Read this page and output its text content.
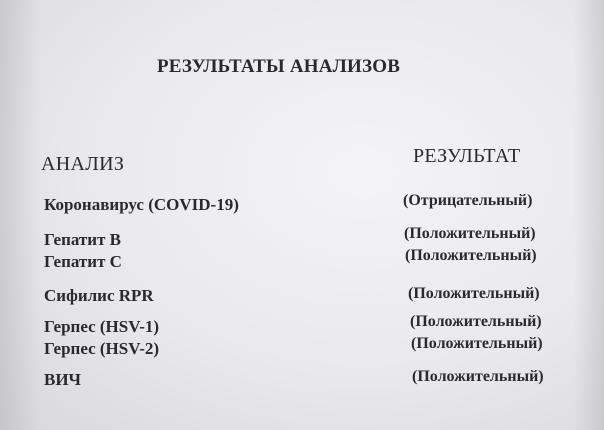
РЕЗУЛЬТАТЫ АНАЛИЗОВ
АНАЛИЗ	РЕЗУЛЬТАТ
Коронавирус (COVID-19)	(Отрицательный)
Гепатит B	(Положительный)
Гепатит C	(Положительный)
Сифилис RPR	(Положительный)
Герпес (HSV-1)	(Положительный)
Герпес (HSV-2)	(Положительный)
ВИЧ	(Положительный)
